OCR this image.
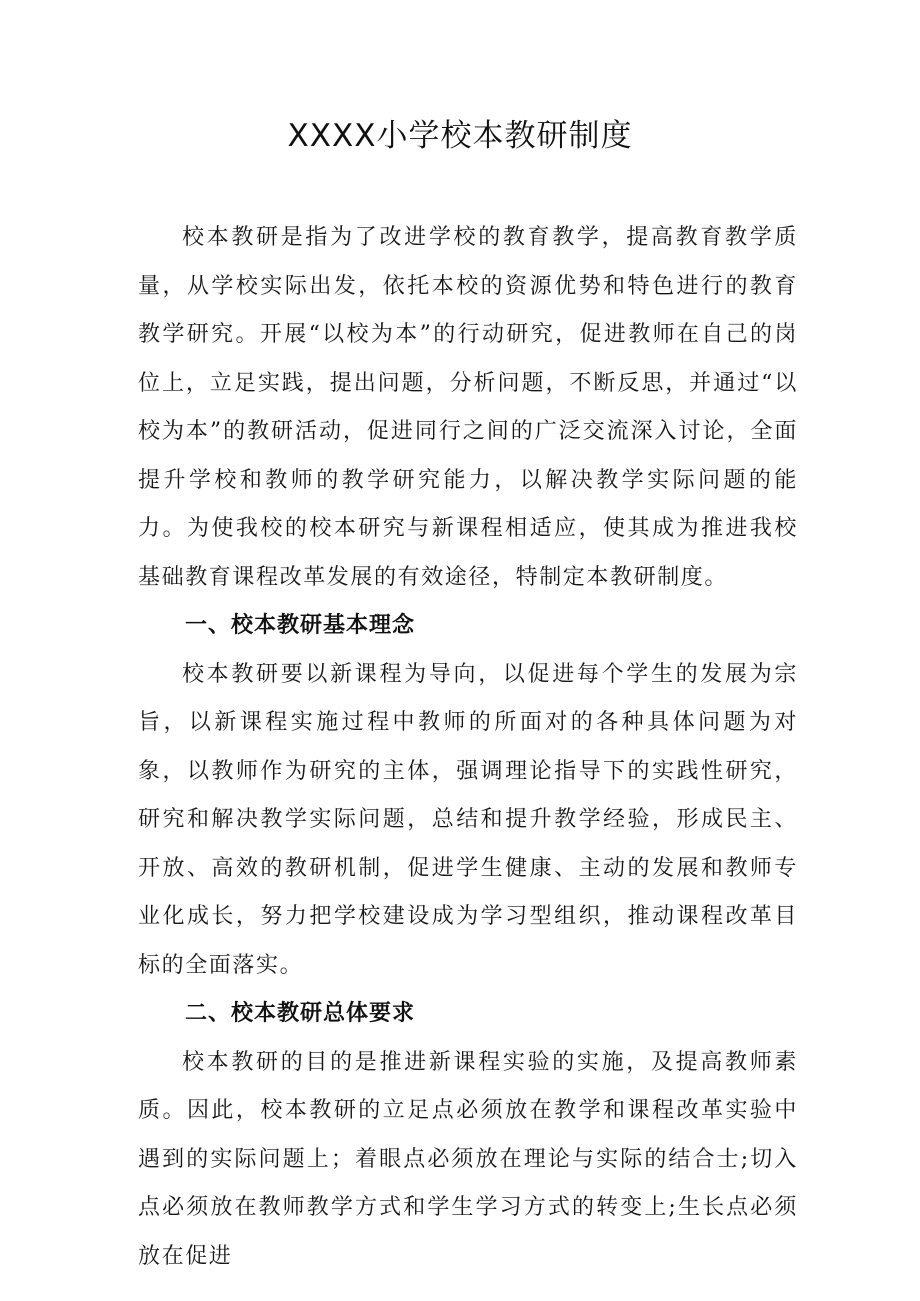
XXXX小学校本教研制度

校本教研是指为了改进学校的教育教学，提高教育教学质量，从学校实际出发，依托本校的资源优势和特色进行的教育教学研究。开展“以校为本”的行动研究，促进教师在自己的岗位上，立足实践，提出问题，分析问题，不断反思，并通过“以校为本”的教研活动，促进同行之间的广泛交流深入讨论，全面提升学校和教师的教学研究能力，以解决教学实际问题的能力。为使我校的校本研究与新课程相适应，使其成为推进我校基础教育课程改革发展的有效途径，特制定本教研制度。

一、校本教研基本理念

校本教研要以新课程为导向，以促进每个学生的发展为宗旨，以新课程实施过程中教师的所面对的各种具体问题为对象，以教师作为研究的主体，强调理论指导下的实践性研究，研究和解决教学实际问题，总结和提升教学经验，形成民主、开放、高效的教研机制，促进学生健康、主动的发展和教师专业化成长，努力把学校建设成为学习型组织，推动课程改革目标的全面落实。

二、校本教研总体要求

校本教研的目的是推进新课程实验的实施，及提高教师素质。因此，校本教研的立足点必须放在教学和课程改革实验中遇到的实际问题上；着眼点必须放在理论与实际的结合士;切入点必须放在教师教学方式和学生学习方式的转变上;生长点必须放在促进
